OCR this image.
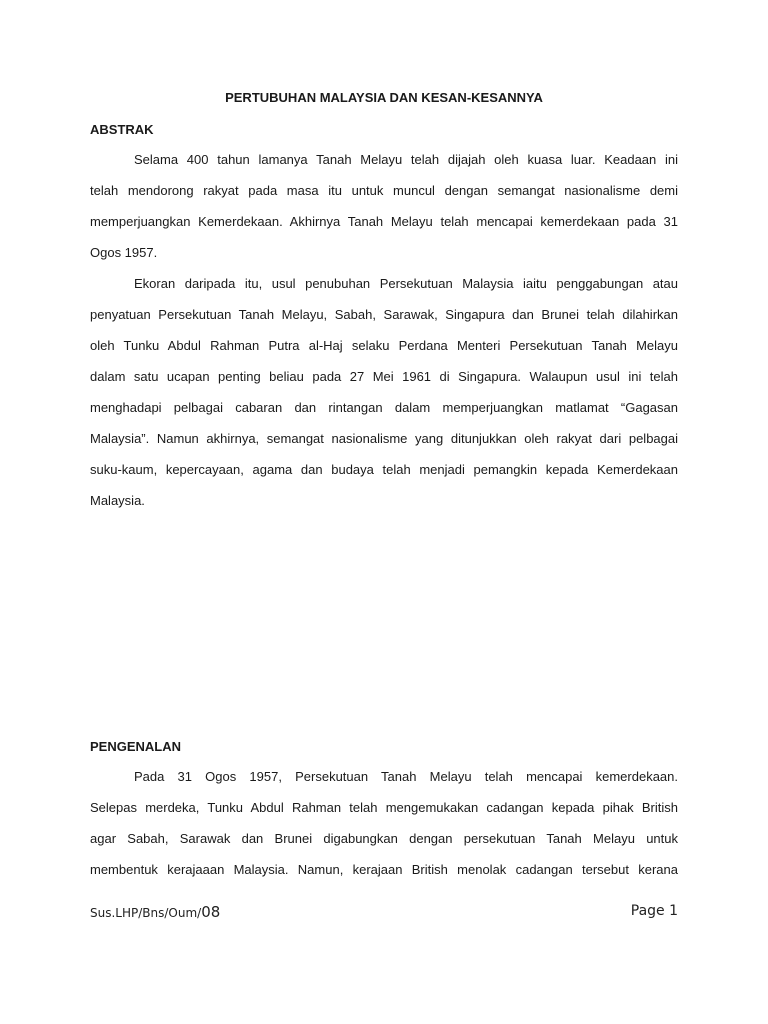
PERTUBUHAN MALAYSIA DAN KESAN-KESANNYA
ABSTRAK
Selama 400 tahun lamanya Tanah Melayu telah dijajah oleh kuasa luar. Keadaan ini
telah mendorong rakyat pada masa itu untuk muncul dengan semangat nasionalisme demi
memperjuangkan Kemerdekaan. Akhirnya Tanah Melayu telah mencapai kemerdekaan pada 31
Ogos 1957.
Ekoran daripada itu, usul penubuhan Persekutuan Malaysia iaitu penggabungan atau
penyatuan Persekutuan Tanah Melayu, Sabah, Sarawak, Singapura dan Brunei telah dilahirkan
oleh Tunku Abdul Rahman Putra al-Haj selaku Perdana Menteri Persekutuan Tanah Melayu
dalam satu ucapan penting beliau pada 27 Mei 1961 di Singapura. Walaupun usul ini telah
menghadapi pelbagai cabaran dan rintangan dalam memperjuangkan matlamat “Gagasan
Malaysia”. Namun akhirnya, semangat nasionalisme yang ditunjukkan oleh rakyat dari pelbagai
suku-kaum, kepercayaan, agama dan budaya telah menjadi pemangkin kepada Kemerdekaan
Malaysia.
PENGENALAN
Pada 31 Ogos 1957, Persekutuan Tanah Melayu telah mencapai kemerdekaan.
Selepas merdeka, Tunku Abdul Rahman telah mengemukakan cadangan kepada pihak British
agar Sabah, Sarawak dan Brunei digabungkan dengan persekutuan Tanah Melayu untuk
membentuk kerajaaan Malaysia. Namun, kerajaan British menolak cadangan tersebut kerana
Sus.LHP/Bns/Oum/08	Page 1
